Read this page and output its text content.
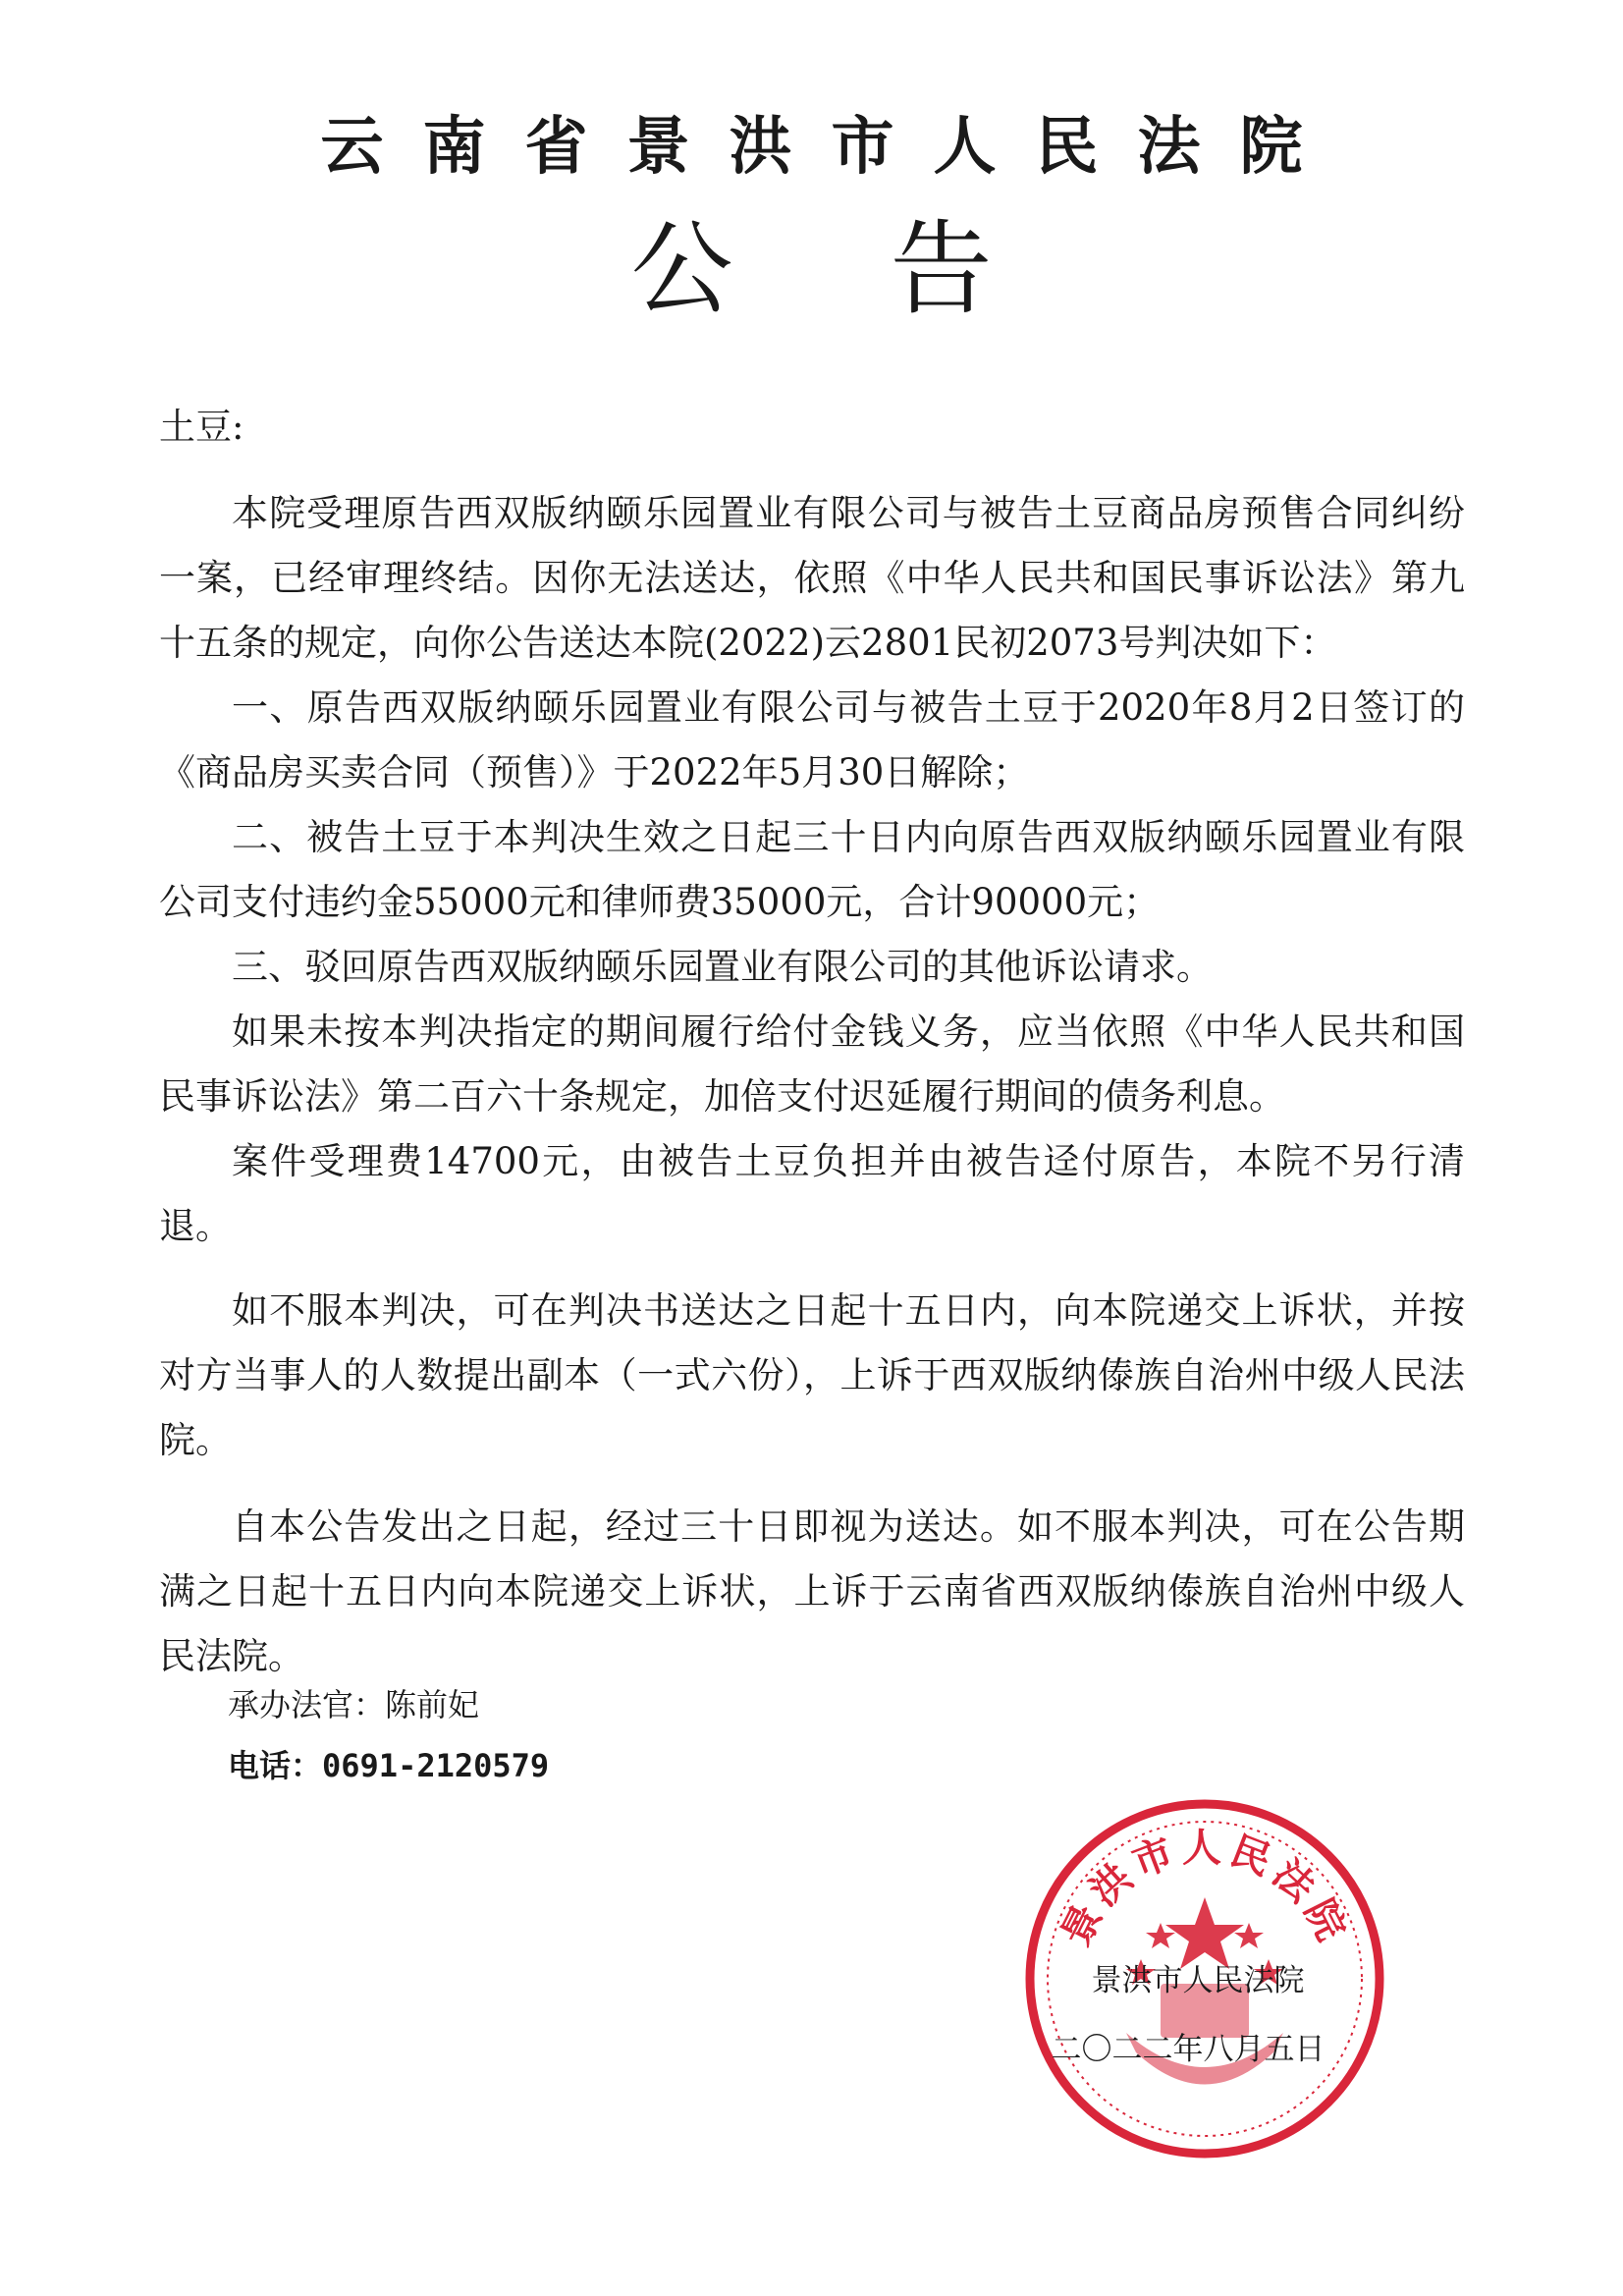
云南省景洪市人民法院
公告

土豆:

本院受理原告西双版纳颐乐园置业有限公司与被告土豆商品房预售合同纠纷一案，已经审理终结。因你无法送达，依照《中华人民共和国民事诉讼法》第九十五条的规定，向你公告送达本院(2022)云2801民初2073号判决如下：

一、原告西双版纳颐乐园置业有限公司与被告土豆于2020年8月2日签订的《商品房买卖合同（预售）》于2022年5月30日解除；

二、被告土豆于本判决生效之日起三十日内向原告西双版纳颐乐园置业有限公司支付违约金55000元和律师费35000元，合计90000元；

三、驳回原告西双版纳颐乐园置业有限公司的其他诉讼请求。

如果未按本判决指定的期间履行给付金钱义务，应当依照《中华人民共和国民事诉讼法》第二百六十条规定，加倍支付迟延履行期间的债务利息。

案件受理费14700元，由被告土豆负担并由被告迳付原告，本院不另行清退。

如不服本判决，可在判决书送达之日起十五日内，向本院递交上诉状，并按对方当事人的人数提出副本（一式六份），上诉于西双版纳傣族自治州中级人民法院。

自本公告发出之日起，经过三十日即视为送达。如不服本判决，可在公告期满之日起十五日内向本院递交上诉状，上诉于云南省西双版纳傣族自治州中级人民法院。

承办法官：陈前妃
电话：0691-2120579
景洪市人民法院
景洪市人民法院
二〇二二年八月五日
